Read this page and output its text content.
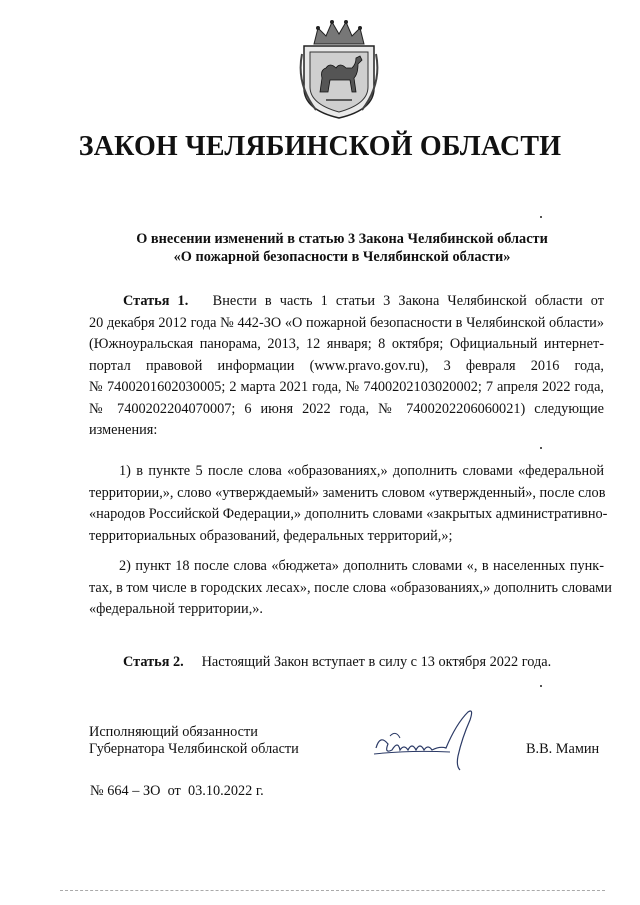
ЗАКОН ЧЕЛЯБИНСКОЙ ОБЛАСТИ
О внесении изменений в статью 3 Закона Челябинской области
«О пожарной безопасности в Челябинской области»
Статья 1. Внести в часть 1 статьи 3 Закона Челябинской области от
20 декабря 2012 года № 442-ЗО «О пожарной безопасности в Челябинской области»
(Южноуральская панорама, 2013, 12 января; 8 октября; Официальный интернет-
портал правовой информации (www.pravo.gov.ru), 3 февраля 2016 года,
№ 7400201602030005; 2 марта 2021 года, № 7400202103020002; 7 апреля 2022 года,
№ 7400202204070007; 6 июня 2022 года, № 7400202206060021) следующие
изменения:
1) в пункте 5 после слова «образованиях,» дополнить словами «федеральной
территории,», слово «утверждаемый» заменить словом «утвержденный», после слов
«народов Российской Федерации,» дополнить словами «закрытых административно-
территориальных образований, федеральных территорий,»;
2) пункт 18 после слова «бюджета» дополнить словами «, в населенных пунк-
тах, в том числе в городских лесах», после слова «образованиях,» дополнить словами
«федеральной территории,».
Статья 2. Настоящий Закон вступает в силу с 13 октября 2022 года.
Исполняющий обязанности
Губернатора Челябинской области	В.В. Мамин
№ 664 – ЗО  от  03.10.2022 г.
